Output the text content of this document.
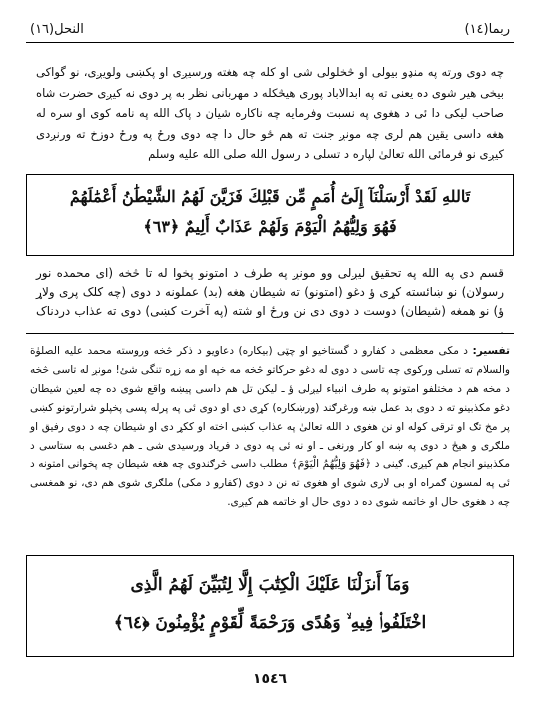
النحل(١٦)	ربما(١٤)

چه دوی ورته په منډو بيولی او څخلولی شی او کله چه هغته ورسيږی او پکښی ولويږی، نو گواکی بيخی هير شوی ده يعنی ته په ابدالاباد پوری هيڅکله د مهربانی نظر به پر دوی نه کيږی حضرت شاه صاحب ليکی دا ئی د هغوی په نسبت وفرمايه چه ناکاره شيان د پاک الله په نامه کوی او سره له هغه داسی يقين هم لری چه مونږ جنت ته هم ځو حال دا چه دوی ورځ په ورځ دوزخ ته ورنږدی کيږی نو فرمائی الله تعالیٰ لپاره د تسلی د رسول الله صلی الله عليه وسلم

تَاللهِ لَقَدْ أَرْسَلْنَآ إِلَىٰٓ أُمَمٍ مِّن قَبْلِكَ فَزَيَّنَ لَهُمُ الشَّيْطَٰنُ أَعْمَٰلَهُمْ
فَهُوَ وَلِيُّهُمُ الْيَوْمَ وَلَهُمْ عَذَابٌ أَلِيمٌ ﴿٦٣﴾
قسم دی په الله په تحقيق ليږلی وو مونږ په طرف د امتونو پخوا له تا څخه (ای محمده نور رسولان) نو ښائسته کړی ؤ دغو (امتونو) ته شيطان هغه (بد) عملونه د دوی (چه کلک پری ولاړ ؤ) نو همغه (شيطان) دوست د دوی دی نن ورځ او شته (په آخرت کښی) دوی ته عذاب دردناک .

تفسير: د مکی معظمی د کفارو د گستاخيو او چټی (بيکاره) دعاويو د ذکر څخه وروسته محمد عليه الصلوٰة والسلام ته تسلی ورکوی چه تاسی د دوی له دغو حرکاتو څخه مه خپه او مه زړه تنگی شئ! مونږ له تاسی څخه د مخه هم د مختلفو امتونو په طرف انبياء ليږلی ؤ ـ ليکن تل هم داسی پيښه واقع شوی ده چه لعين شيطان دغو مکذبينو ته د دوی بد عمل ښه ورغرګند (ورښکاره) کړی دی او دوی ئی په پرله پسی پخپلو شرارتونو کښی پر مخ تګ او ترقی کوله او نن هغوی د الله تعالیٰ په عذاب کښی اخته او ککړ دی او شيطان چه د دوی رفيق او ملګری و هيڅ د دوی په ښه او کار ورنغی ـ او نه ئی په دوی د فرياد ورسيدی شی ـ هم دغسی به ستاسی د مکذبينو انجام هم کيږی. ګينی د ﴿فَهُوَ وَلِيُّهُمُ الْيَوْمَ﴾ مطلب داسی څرګندوی چه هغه شيطان چه پخوانی امتونه د ئی په لمسون ګمراه او بی لاری شوی او هغوی ته نن د دوی (کفارو د مکی) ملګری شوی هم دی، نو همغسی چه د هغوی حال او خاتمه شوی ده د دوی حال او خاتمه هم کيږی.

وَمَآ أَنزَلْنَا عَلَيْكَ الْكِتَٰبَ إِلَّا لِتُبَيِّنَ لَهُمُ الَّذِى
اخْتَلَفُوا۟ فِيهِ ۙ وَهُدًى وَرَحْمَةً لِّقَوْمٍ يُؤْمِنُونَ ﴿٦٤﴾
١٥٤٦
